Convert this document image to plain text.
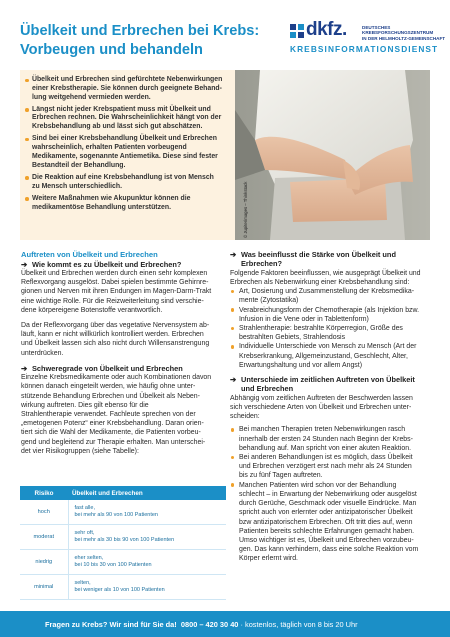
Übelkeit und Erbrechen bei Krebs:
Vorbeugen und behandeln
dkfz.	DEUTSCHES
KREBSFORSCHUNGSZENTRUM
IN DER HELMHOLTZ-GEMEINSCHAFT
KREBSINFORMATIONSDIENST
Übelkeit und Erbrechen sind gefürchtete Nebenwirkungen
einer Krebstherapie. Sie können durch geeignete Behand-
lung weitgehend vermieden werden.
Längst nicht jeder Krebspatient muss mit Übelkeit und
Erbrechen rechnen. Die Wahrscheinlichkeit hängt von der
Krebsbehandlung ab und lässt sich gut abschätzen.
Sind bei einer Krebsbehandlung Übelkeit und Erbrechen
wahrscheinlich, erhalten Patienten vorbeugend
Medikamente, sogenannte Antiemetika. Diese sind fester
Bestandteil der Behandlung.
Die Reaktion auf eine Krebsbehandlung ist von Mensch
zu Mensch unterschiedlich.
Weitere Maßnahmen wie Akupunktur können die
medikamentöse Behandlung unterstützen.	© Jupiterimages – Thinkstock
Auftreten von Übelkeit und Erbrechen
➔ Wie kommt es zu Übelkeit und Erbrechen?

Übelkeit und Erbrechen werden durch einen sehr komplexen
Reflexvorgang ausgelöst. Dabei spielen bestimmte Gehirnre-
gionen und Nerven mit ihren Endungen im Magen-Darm-Trakt
eine wichtige Rolle. Für die Reizweiterleitung sind verschie-
dene körpereigene Botenstoffe verantwortlich.

Da der Reflexvorgang über das vegetative Nervensystem ab-
läuft, kann er nicht willkürlich kontrolliert werden. Erbrechen
und Übelkeit lassen sich also nicht durch Willensanstrengung
unterdrücken.

➔ Schweregrade von Übelkeit und Erbrechen

Einzelne Krebsmedikamente oder auch Kombinationen davon
können danach eingeteilt werden, wie häufig ohne unter-
stützende Behandlung Erbrechen und Übelkeit als Neben-
wirkung auftreten. Dies gilt ebenso für die
Strahlentherapie verwendet. Fachleute sprechen von der
„emetogenen Potenz“ einer Krebsbehandlung. Daran orien-
tiert sich die Wahl der Medikamente, die Patienten vorbeu-
gend und begleitend zur Therapie erhalten. Man unterschei-
det vier Risikogruppen (siehe Tabelle):

Risiko	Übelkeit und Erbrechen
hoch	fast alle,
bei mehr als 90 von 100 Patienten

moderat	sehr oft,
bei mehr als 30 bis 90 von 100 Patienten

niedrig	eher selten,
bei 10 bis 30 von 100 Patienten

minimal	selten,
bei weniger als 10 von 100 Patienten
➔ Was beeinflusst die Stärke von Übelkeit und
Erbrechen?

Folgende Faktoren beeinflussen, wie ausgeprägt Übelkeit und
Erbrechen als Nebenwirkung einer Krebsbehandlung sind:

Art, Dosierung und Zusammenstellung der Krebsmedika-
mente (Zytostatika)
Verabreichungsform der Chemotherapie (als Injektion bzw.
Infusion in die Vene oder in Tablettenform)
Strahlentherapie: bestrahlte Körperregion, Größe des
bestrahlten Gebiets, Strahlendosis
Individuelle Unterschiede von Mensch zu Mensch (Art der
Krebserkrankung, Allgemeinzustand, Geschlecht, Alter,
Erwartungshaltung und vor allem Angst)
➔ Unterschiede im zeitlichen Auftreten von Übelkeit
und Erbrechen

Abhängig vom zeitlichen Auftreten der Beschwerden lassen
sich verschiedene Arten von Übelkeit und Erbrechen unter-
scheiden:

Bei manchen Therapien treten Nebenwirkungen rasch
innerhalb der ersten 24 Stunden nach Beginn der Krebs-
behandlung auf. Man spricht von einer akuten Reaktion.
Bei anderen Behandlungen ist es möglich, dass Übelkeit
und Erbrechen verzögert erst nach mehr als 24 Stunden
bis zu fünf Tagen auftreten.
Manchen Patienten wird schon vor der Behandlung
schlecht – in Erwartung der Nebenwirkung oder ausgelöst
durch Gerüche, Geschmack oder visuelle Eindrücke. Man
spricht auch von erlernter oder antizipatorischer Übelkeit
bzw antizipatorischem Erbrechen. Oft tritt dies auf, wenn
Patienten bereits schlechte Erfahrungen gemacht haben.
Umso wichtiger ist es, Übelkeit und Erbrechen vorzubeu-
gen. Das kann verhindern, dass eine solche Reaktion vom
Körper erlernt wird.
Fragen zu Krebs? Wir sind für Sie da! 0800 – 420 30 40 · kostenlos, täglich von 8 bis 20 Uhr
